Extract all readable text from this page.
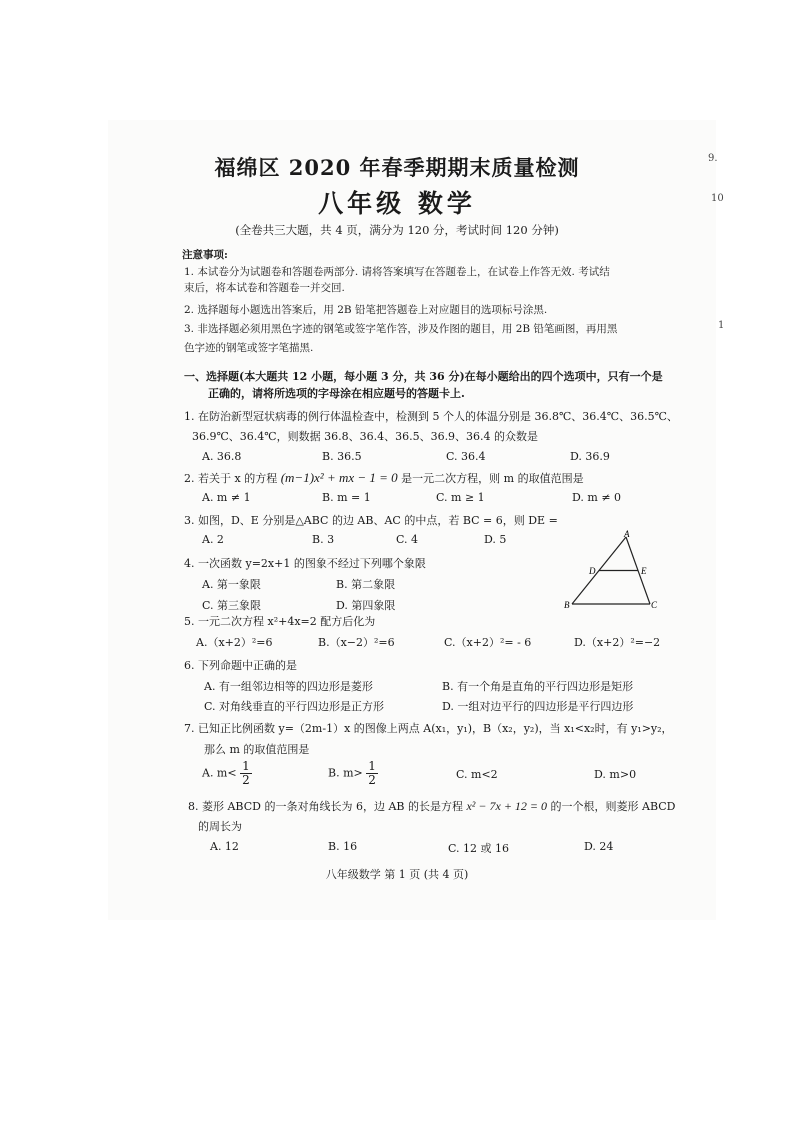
9.
10
1
福绵区 2020 年春季期期末质量检测
八年级 数学
(全卷共三大题，共 4 页，满分为 120 分，考试时间 120 分钟)
注意事项:
1. 本试卷分为试题卷和答题卷两部分. 请将答案填写在答题卷上，在试卷上作答无效. 考试结
束后，将本试卷和答题卷一并交回.
2. 选择题每小题选出答案后，用 2B 铅笔把答题卷上对应题目的选项标号涂黑.
3. 非选择题必须用黑色字迹的钢笔或签字笔作答，涉及作图的题目，用 2B 铅笔画图，再用黑
色字迹的钢笔或签字笔描黑.
一、选择题(本大题共 12 小题，每小题 3 分，共 36 分)在每小题给出的四个选项中，只有一个是
正确的，请将所选项的字母涂在相应题号的答题卡上.
1. 在防治新型冠状病毒的例行体温检查中，检测到 5 个人的体温分别是 36.8℃、36.4℃、36.5℃、
36.9℃、36.4℃，则数据 36.8、36.4、36.5、36.9、36.4 的众数是
A. 36.8	B. 36.5	C. 36.4	D. 36.9
2. 若关于 x 的方程 (m−1)x² + mx − 1 = 0 是一元二次方程，则 m 的取值范围是
A. m ≠ 1	B. m = 1	C. m ≥ 1	D. m ≠ 0
3. 如图，D、E 分别是△ABC 的边 AB、AC 的中点，若 BC = 6，则 DE =
A. 2	B. 3	C. 4	D. 5
4. 一次函数 y=2x+1 的图象不经过下列哪个象限
A. 第一象限	B. 第二象限
C. 第三象限	D. 第四象限
A
D	E
B	C
5. 一元二次方程 x²+4x=2 配方后化为
A.（x+2）²=6	B.（x−2）²=6	C.（x+2）²= - 6	D.（x+2）²=−2
6. 下列命题中正确的是
A. 有一组邻边相等的四边形是菱形	B. 有一个角是直角的平行四边形是矩形
C. 对角线垂直的平行四边形是正方形	D. 一组对边平行的四边形是平行四边形
7. 已知正比例函数 y=（2m-1）x 的图像上两点 A(x₁，y₁)，B（x₂，y₂)，当 x₁<x₂时，有 y₁>y₂，
那么 m 的取值范围是
A. $m< \frac{1}{2}$	B. $m> \frac{1}{2}$	C. m<2	D. m>0
8. 菱形 ABCD 的一条对角线长为 6，边 AB 的长是方程 x² − 7x + 12 = 0 的一个根，则菱形 ABCD
的周长为
A. 12	B. 16	C. 12 或 16	D. 24
八年级数学 第 1 页 (共 4 页)
